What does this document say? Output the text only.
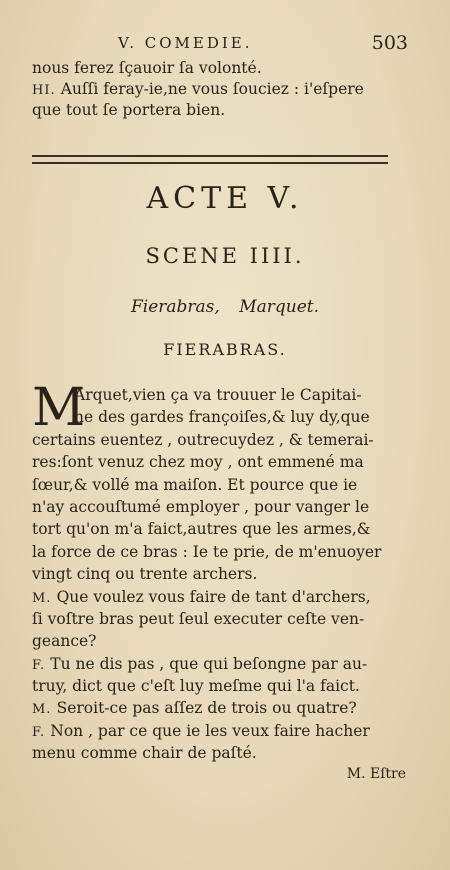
V. COMEDIE.	503
nous ferez ſçauoir ſa volonté.
HI. Auſſi feray-ie,ne vous ſouciez : i'eſpere
que tout ſe portera bien.
ACTE V.
SCENE IIII.
Fierabras, Marquet.
FIERABRAS.
M
Arquet,vien ça va trouuer le Capitai-
ne des gardes françoiſes,& luy dy,que
certains euentez , outrecuydez , & temerai-
res:ſont venuz chez moy , ont emmené ma
ſœur,& vollé ma maiſon. Et pource que ie
n'ay accouſtumé employer , pour vanger le
tort qu'on m'a faict,autres que les armes,&
la force de ce bras : Ie te prie, de m'enuoyer
vingt cinq ou trente archers.
M. Que voulez vous faire de tant d'archers,
ſi voſtre bras peut ſeul executer ceſte ven-
geance?
F. Tu ne dis pas , que qui beſongne par au-
truy, dict que c'eſt luy meſme qui l'a faict.
M. Seroit-ce pas aſſez de trois ou quatre?
F. Non , par ce que ie les veux faire hacher
menu comme chair de paſté.
M. Eſtre
